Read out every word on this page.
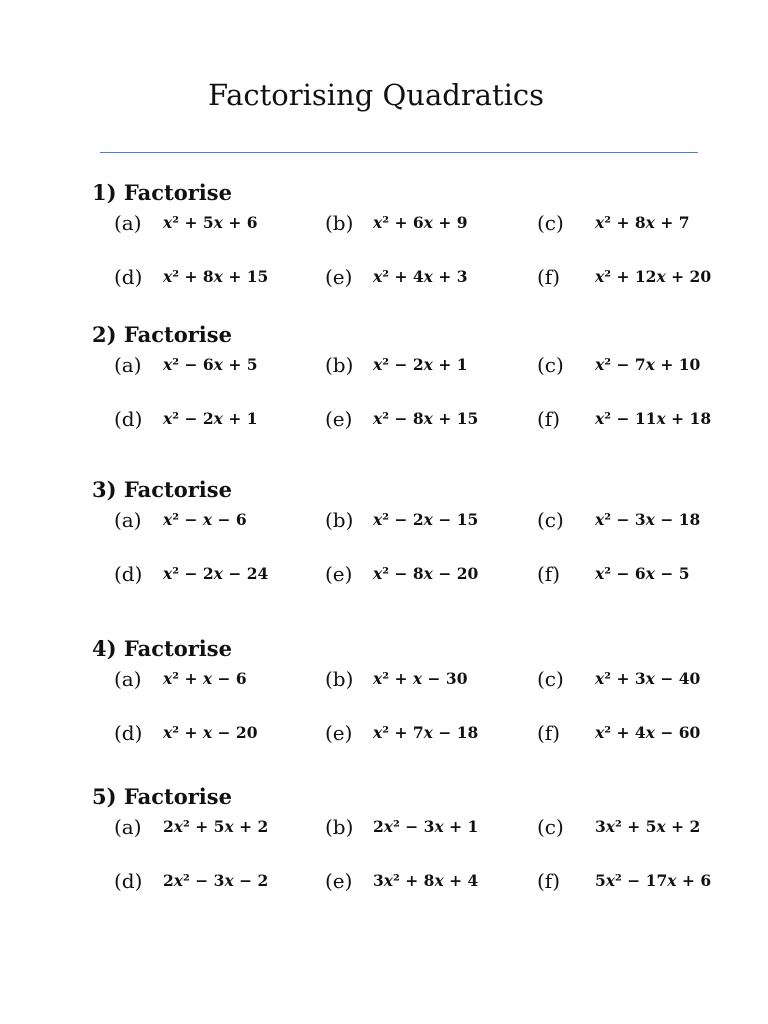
Factorising Quadratics
1) Factorise
(a) x² + 5x + 6	(b) x² + 6x + 9	(c) x² + 8x + 7
(d) x² + 8x + 15	(e) x² + 4x + 3	(f) x² + 12x + 20
2) Factorise
(a) x² − 6x + 5	(b) x² − 2x + 1	(c) x² − 7x + 10
(d) x² − 2x + 1	(e) x² − 8x + 15	(f) x² − 11x + 18
3) Factorise
(a) x² − x − 6	(b) x² − 2x − 15	(c) x² − 3x − 18
(d) x² − 2x − 24	(e) x² − 8x − 20	(f) x² − 6x − 5
4) Factorise
(a) x² + x − 6	(b) x² + x − 30	(c) x² + 3x − 40
(d) x² + x − 20	(e) x² + 7x − 18	(f) x² + 4x − 60
5) Factorise
(a) 2x² + 5x + 2	(b) 2x² − 3x + 1	(c) 3x² + 5x + 2
(d) 2x² − 3x − 2	(e) 3x² + 8x + 4	(f) 5x² − 17x + 6
